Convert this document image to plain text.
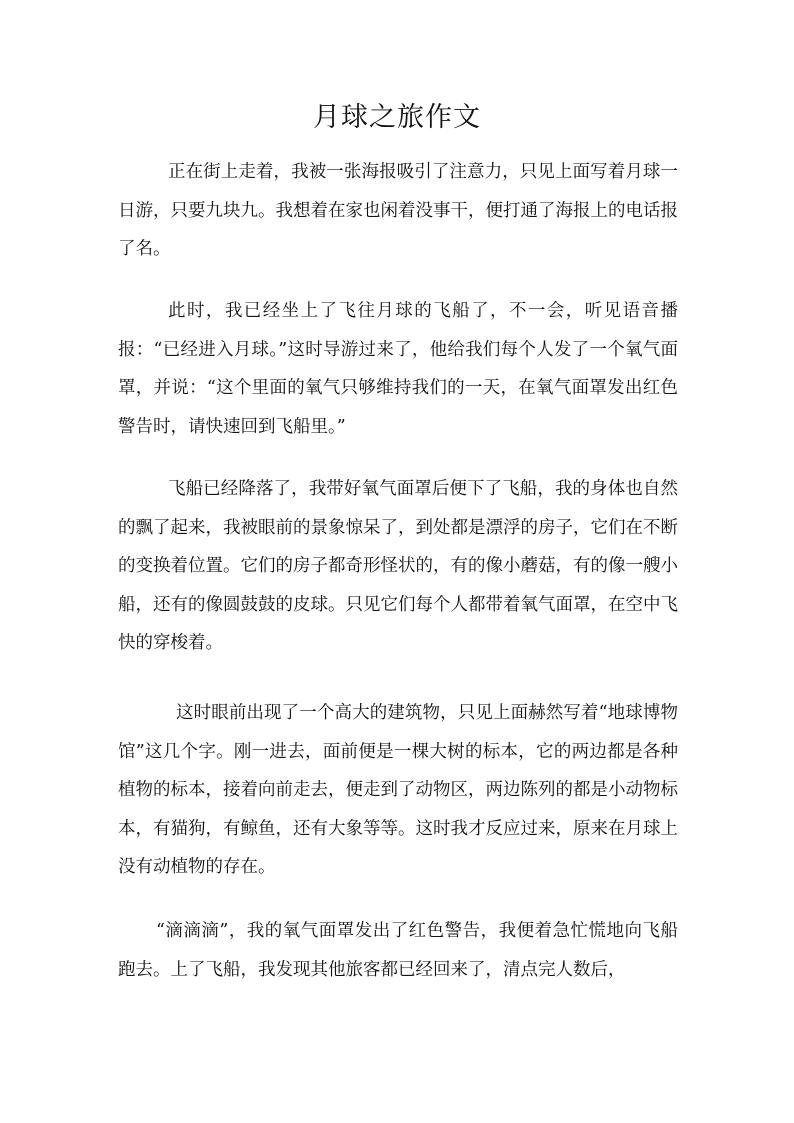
月球之旅作文

正在街上走着，我被一张海报吸引了注意力，只见上面写着月球一日游，只要九块九。我想着在家也闲着没事干，便打通了海报上的电话报了名。

此时，我已经坐上了飞往月球的飞船了，不一会，听见语音播报：“已经进入月球。”这时导游过来了，他给我们每个人发了一个氧气面罩，并说：“这个里面的氧气只够维持我们的一天，在氧气面罩发出红色警告时，请快速回到飞船里。”

飞船已经降落了，我带好氧气面罩后便下了飞船，我的身体也自然的飘了起来，我被眼前的景象惊呆了，到处都是漂浮的房子，它们在不断的变换着位置。它们的房子都奇形怪状的，有的像小蘑菇，有的像一艘小船，还有的像圆鼓鼓的皮球。只见它们每个人都带着氧气面罩，在空中飞快的穿梭着。

这时眼前出现了一个高大的建筑物，只见上面赫然写着“地球博物馆”这几个字。刚一进去，面前便是一棵大树的标本，它的两边都是各种植物的标本，接着向前走去，便走到了动物区，两边陈列的都是小动物标本，有猫狗，有鲸鱼，还有大象等等。这时我才反应过来，原来在月球上没有动植物的存在。

“滴滴滴”，我的氧气面罩发出了红色警告，我便着急忙慌地向飞船跑去。上了飞船，我发现其他旅客都已经回来了，清点完人数后，
